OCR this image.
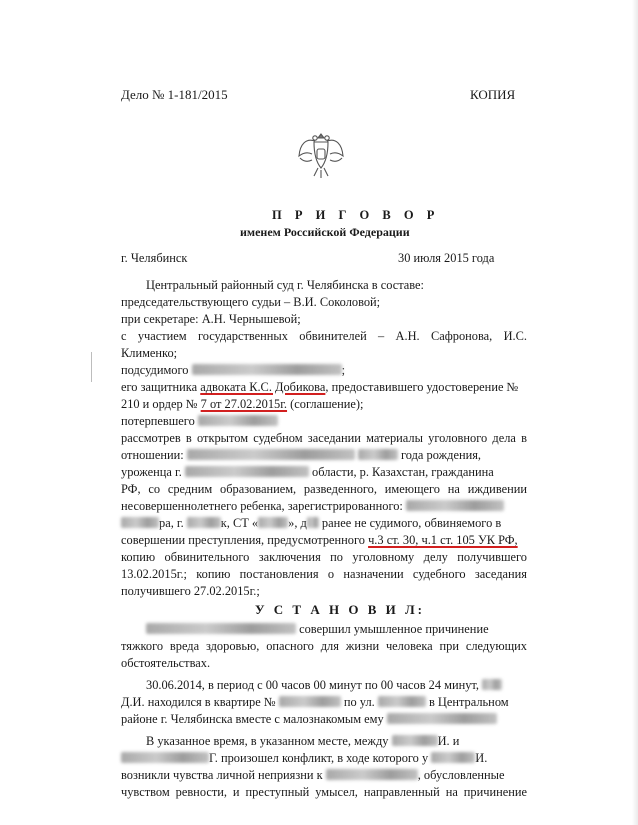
Дело № 1-181/2015	КОПИЯ
П Р И Г О В О Р
именем Российской Федерации
г. Челябинск	30 июля 2015 года
Центральный районный суд г. Челябинска в составе:
председательствующего судьи – В.И. Соколовой;
при секретаре: А.Н. Чернышевой;
с участием государственных обвинителей – А.Н. Сафронова, И.С.
Клименко;
подсудимого	;
его защитника адвоката К.С. Добикова, предоставившего удостоверение №
210 и ордер № 7 от 27.02.2015г. (соглашение);
потерпевшего
рассмотрев в открытом судебном заседании материалы уголовного дела в
отношении:	года рождения,
уроженца г.	области, р. Казахстан, гражданина
РФ, со средним образованием, разведенного, имеющего на иждивении
несовершеннолетнего ребенка, зарегистрированного:
ра, г.	к, СТ « », д ранее не судимого, обвиняемого в
совершении преступления, предусмотренного ч.3 ст. 30, ч.1 ст. 105 УК РФ,
копию обвинительного заключения по уголовному делу получившего
13.02.2015г.; копию постановления о назначении судебного заседания
получившего 27.02.2015г.;
У С Т А Н О В И Л:
совершил умышленное причинение
тяжкого вреда здоровью, опасного для жизни человека при следующих
обстоятельствах.
30.06.2014, в период с 00 часов 00 минут по 00 часов 24 минут,
Д.И. находился в квартире №	по ул.	в Центральном
районе г. Челябинска вместе с малознакомым ему
В указанное время, в указанном месте, между	И. и
Г. произошел конфликт, в ходе которого у	И.
возникли чувства личной неприязни к	, обусловленные
чувством ревности, и преступный умысел, направленный на причинение
